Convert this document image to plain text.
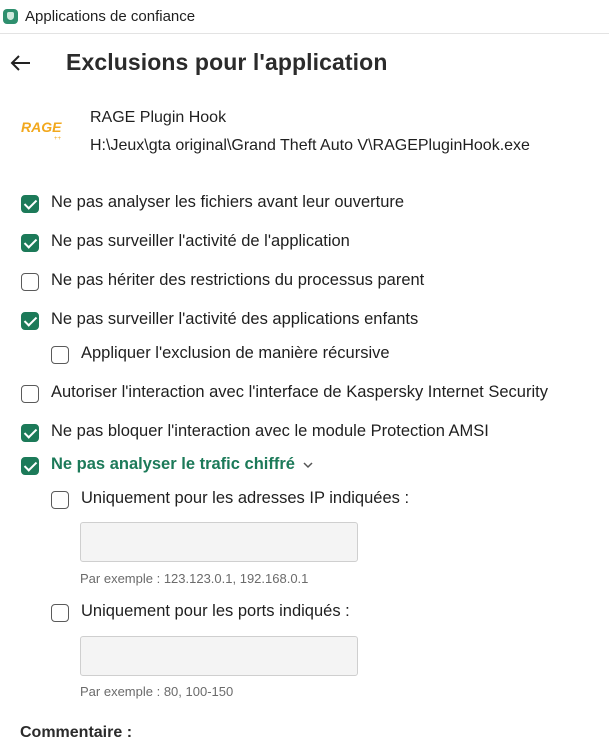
Applications de confiance
Exclusions pour l'application
RAGE
++
RAGE Plugin Hook
H:\Jeux\gta original\Grand Theft Auto V\RAGEPluginHook.exe
Ne pas analyser les fichiers avant leur ouverture
Ne pas surveiller l'activité de l'application
Ne pas hériter des restrictions du processus parent
Ne pas surveiller l'activité des applications enfants
Appliquer l'exclusion de manière récursive
Autoriser l'interaction avec l'interface de Kaspersky Internet Security
Ne pas bloquer l'interaction avec le module Protection AMSI
Ne pas analyser le trafic chiffré
Uniquement pour les adresses IP indiquées :
Par exemple : 123.123.0.1, 192.168.0.1
Uniquement pour les ports indiqués :
Par exemple : 80, 100-150
Commentaire :
